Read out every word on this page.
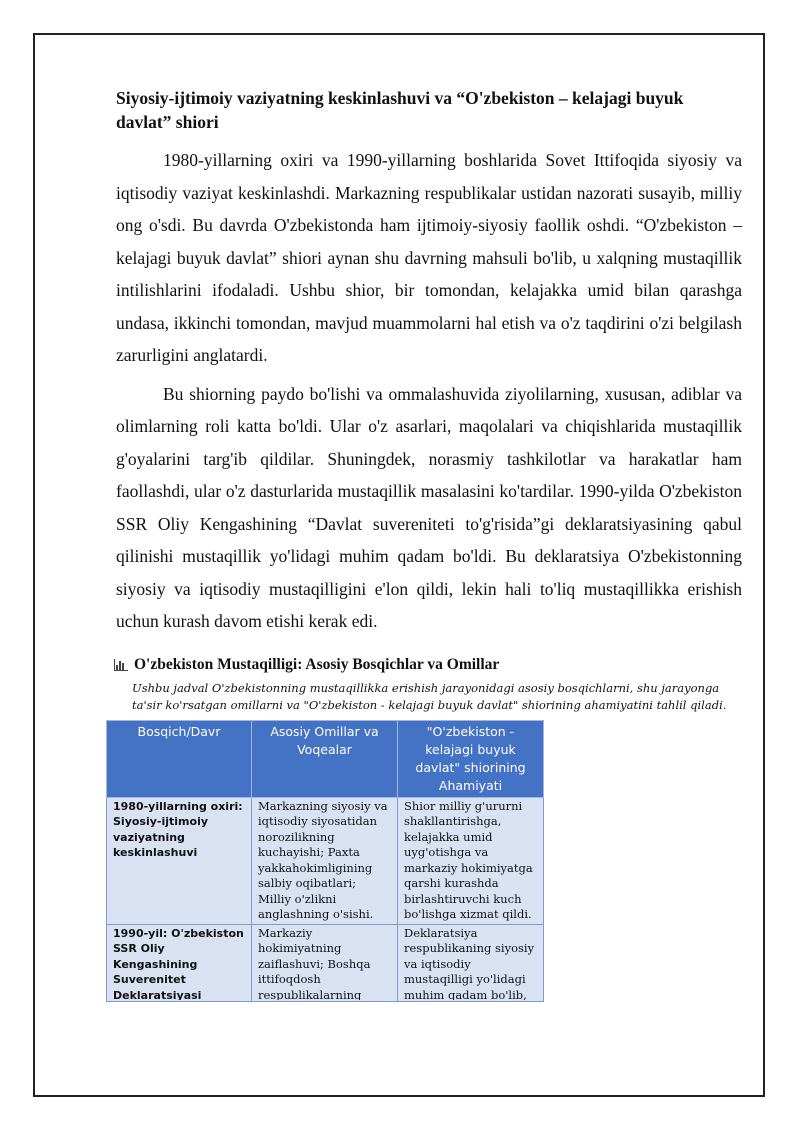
Siyosiy-ijtimoiy vaziyatning keskinlashuvi va “O'zbekiston – kelajagi buyuk davlat” shiori

1980-yillarning oxiri va 1990-yillarning boshlarida Sovet Ittifoqida siyosiy va iqtisodiy vaziyat keskinlashdi. Markazning respublikalar ustidan nazorati susayib, milliy ong o'sdi. Bu davrda O'zbekistonda ham ijtimoiy-siyosiy faollik oshdi. “O'zbekiston – kelajagi buyuk davlat” shiori aynan shu davrning mahsuli bo'lib, u xalqning mustaqillik intilishlarini ifodaladi. Ushbu shior, bir tomondan, kelajakka umid bilan qarashga undasa, ikkinchi tomondan, mavjud muammolarni hal etish va o'z taqdirini o'zi belgilash zarurligini anglatardi.

Bu shiorning paydo bo'lishi va ommalashuvida ziyolilarning, xususan, adiblar va olimlarning roli katta bo'ldi. Ular o'z asarlari, maqolalari va chiqishlarida mustaqillik g'oyalarini targ'ib qildilar. Shuningdek, norasmiy tashkilotlar va harakatlar ham faollashdi, ular o'z dasturlarida mustaqillik masalasini ko'tardilar. 1990-yilda O'zbekiston SSR Oliy Kengashining “Davlat suvereniteti to'g'risida”gi deklaratsiyasining qabul qilinishi mustaqillik yo'lidagi muhim qadam bo'ldi. Bu deklaratsiya O'zbekistonning siyosiy va iqtisodiy mustaqilligini e'lon qildi, lekin hali to'liq mustaqillikka erishish uchun kurash davom etishi kerak edi.

O'zbekiston Mustaqilligi: Asosiy Bosqichlar va Omillar
Ushbu jadval O'zbekistonning mustaqillikka erishish jarayonidagi asosiy bosqichlarni, shu jarayonga ta'sir ko'rsatgan omillarni va "O'zbekiston - kelajagi buyuk davlat" shiorining ahamiyatini tahlil qiladi.
Bosqich/Davr	Asosiy Omillar va Voqealar	"O'zbekiston - kelajagi buyuk davlat" shiorining Ahamiyati
1980-yillarning oxiri: Siyosiy-ijtimoiy vaziyatning keskinlashuvi	Markazning siyosiy va iqtisodiy siyosatidan norozilikning kuchayishi; Paxta yakkahokimligining salbiy oqibatlari; Milliy o'zlikni anglashning o'sishi.	Shior milliy g'ururni shakllantirishga, kelajakka umid uyg'otishga va markaziy hokimiyatga qarshi kurashda birlashtiruvchi kuch bo'lishga xizmat qildi.

1990-yil: O'zbekiston SSR Oliy Kengashining Suverenitet Deklaratsiyasi	Markaziy hokimiyatning zaiflashuvi; Boshqa ittifoqdosh respublikalarning	Deklaratsiya respublikaning siyosiy va iqtisodiy mustaqilligi yo'lidagi muhim qadam bo'lib,
